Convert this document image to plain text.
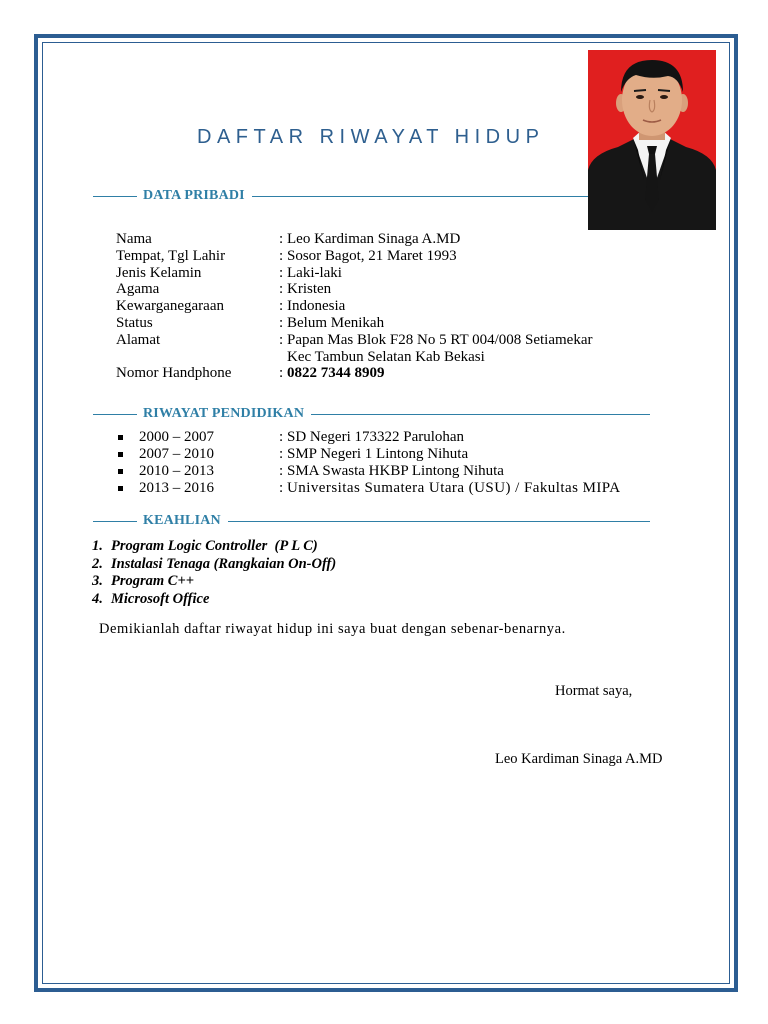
DAFTAR RIWAYAT HIDUP
DATA PRIBADI
Nama	: Leo Kardiman Sinaga A.MD
Tempat, Tgl Lahir	: Sosor Bagot, 21 Maret 1993
Jenis Kelamin	: Laki-laki
Agama	: Kristen
Kewarganegaraan	: Indonesia
Status	: Belum Menikah
Alamat	: Papan Mas Blok F28 No 5 RT 004/008 Setiamekar
Kec Tambun Selatan Kab Bekasi
Nomor Handphone	: 0822 7344 8909
RIWAYAT PENDIDIKAN
2000 – 2007	: SD Negeri 173322 Parulohan
2007 – 2010	: SMP Negeri 1 Lintong Nihuta
2010 – 2013	: SMA Swasta HKBP Lintong Nihuta
2013 – 2016	: Universitas Sumatera Utara (USU) / Fakultas MIPA
KEAHLIAN
1. Program Logic Controller  (P L C)
2. Instalasi Tenaga (Rangkaian On-Off)
3. Program C++
4. Microsoft Office
Demikianlah daftar riwayat hidup ini saya buat dengan sebenar-benarnya.
Hormat saya,
Leo Kardiman Sinaga A.MD
